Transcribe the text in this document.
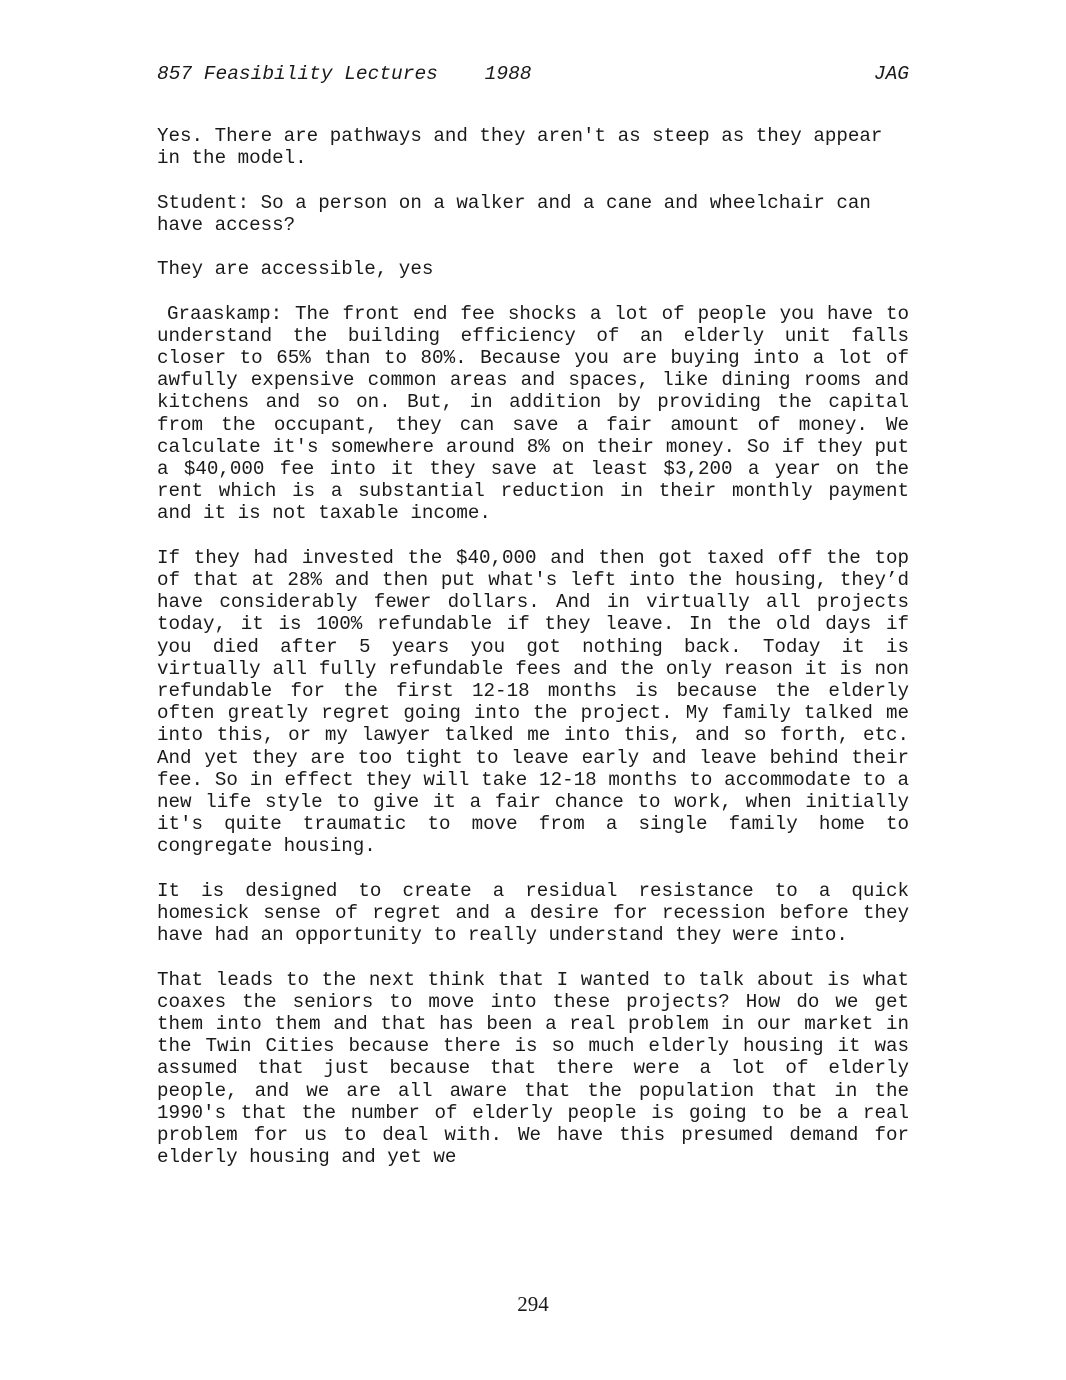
857 Feasibility Lectures 1988	JAG

Yes. There are pathways and they aren't as steep as they appear in the model.

Student: So a person on a walker and a cane and wheelchair can have access?

They are accessible, yes

Graaskamp: The front end fee shocks a lot of people you have to understand the building efficiency of an elderly unit falls closer to 65% than to 80%. Because you are buying into a lot of awfully expensive common areas and spaces, like dining rooms and kitchens and so on. But, in addition by providing the capital from the occupant, they can save a fair amount of money. We calculate it's somewhere around 8% on their money. So if they put a $40,000 fee into it they save at least $3,200 a year on the rent which is a substantial reduction in their monthly payment and it is not taxable income.

If they had invested the $40,000 and then got taxed off the top of that at 28% and then put what's left into the housing, they’d have considerably fewer dollars. And in virtually all projects today, it is 100% refundable if they leave. In the old days if you died after 5 years you got nothing back. Today it is virtually all fully refundable fees and the only reason it is non refundable for the first 12-18 months is because the elderly often greatly regret going into the project. My family talked me into this, or my lawyer talked me into this, and so forth, etc. And yet they are too tight to leave early and leave behind their fee. So in effect they will take 12-18 months to accommodate to a new life style to give it a fair chance to work, when initially it's quite traumatic to move from a single family home to congregate housing.

It is designed to create a residual resistance to a quick homesick sense of regret and a desire for recession before they have had an opportunity to really understand they were into.

That leads to the next think that I wanted to talk about is what coaxes the seniors to move into these projects? How do we get them into them and that has been a real problem in our market in the Twin Cities because there is so much elderly housing it was assumed that just because that there were a lot of elderly people, and we are all aware that the population that in the 1990's that the number of elderly people is going to be a real problem for us to deal with. We have this presumed demand for elderly housing and yet we

294
